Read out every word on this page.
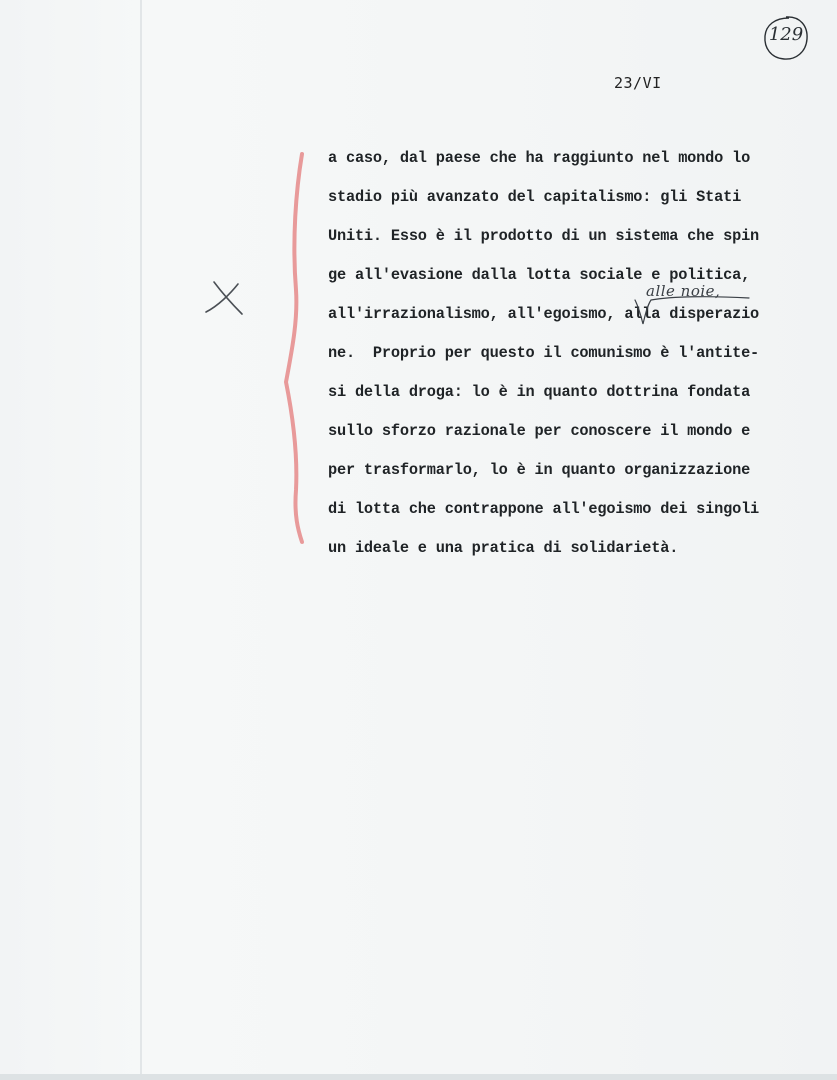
129
23/VI
a caso, dal paese che ha raggiunto nel mondo lo
stadio più avanzato del capitalismo: gli Stati
Uniti. Esso è il prodotto di un sistema che spin
ge all'evasione dalla lotta sociale e politica,
all'irrazionalismo, all'egoismo, alla disperazio
ne.  Proprio per questo il comunismo è l'antite-
si della droga: lo è in quanto dottrina fondata
sullo sforzo razionale per conoscere il mondo e
per trasformarlo, lo è in quanto organizzazione
di lotta che contrappone all'egoismo dei singoli
un ideale e una pratica di solidarietà.
alle noie,
